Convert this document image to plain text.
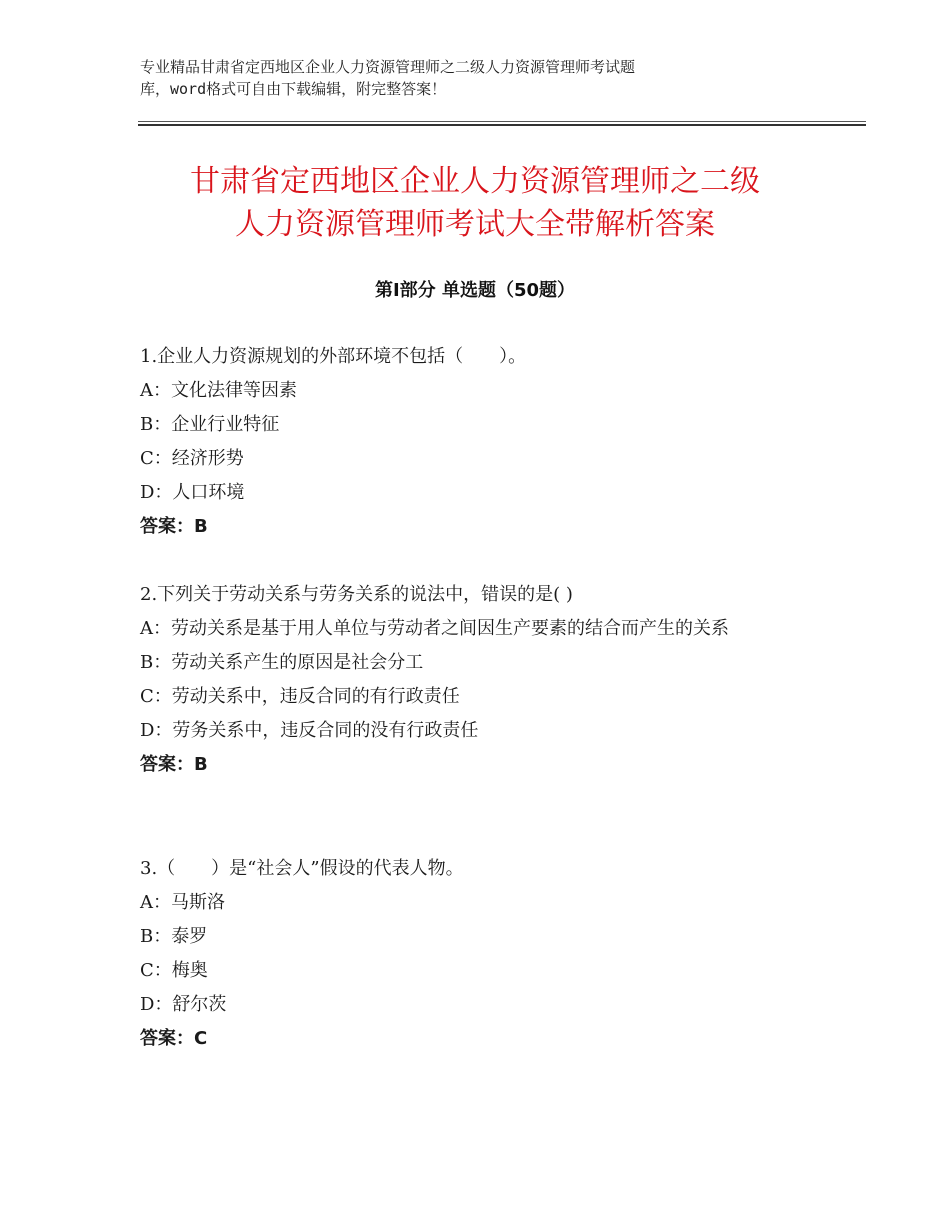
专业精品甘肃省定西地区企业人力资源管理师之二级人力资源管理师考试题
库，word格式可自由下载编辑，附完整答案！
甘肃省定西地区企业人力资源管理师之二级
人力资源管理师考试大全带解析答案
第Ⅰ部分 单选题（50题）
1.企业人力资源规划的外部环境不包括（　　）。
A：文化法律等因素
B：企业行业特征
C：经济形势
D：人口环境
答案：B
2.下列关于劳动关系与劳务关系的说法中，错误的是( )
A：劳动关系是基于用人单位与劳动者之间因生产要素的结合而产生的关系
B：劳动关系产生的原因是社会分工
C：劳动关系中，违反合同的有行政责任
D：劳务关系中，违反合同的没有行政责任
答案：B
3.（　　）是“社会人”假设的代表人物。
A：马斯洛
B：泰罗
C：梅奥
D：舒尔茨
答案：C
